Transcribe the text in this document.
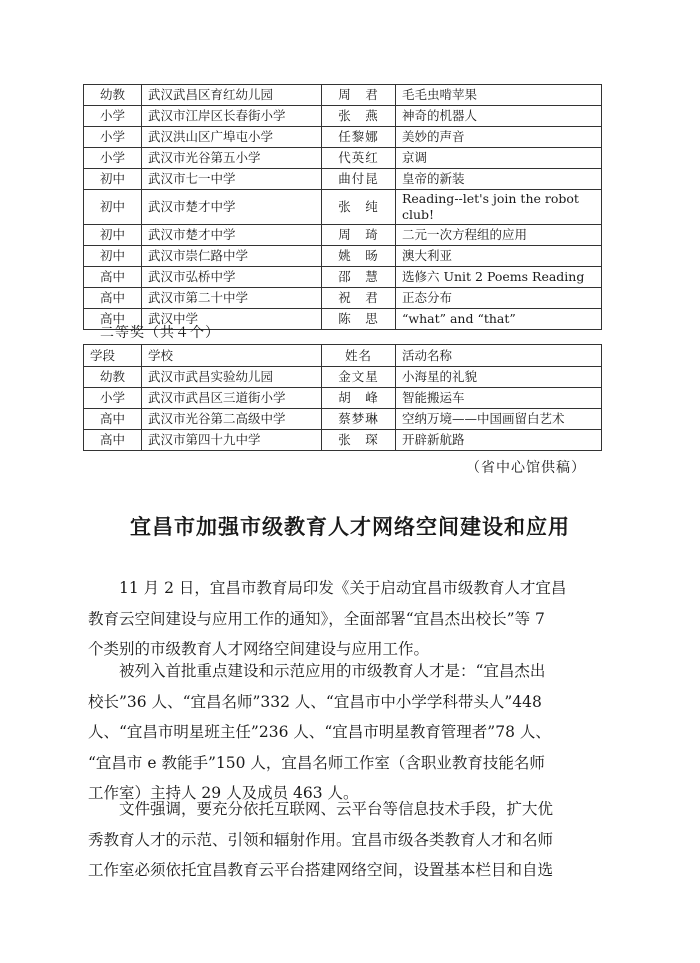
幼教	武汉武昌区育红幼儿园	周　君	毛毛虫啃苹果
小学	武汉市江岸区长春街小学	张　燕	神奇的机器人
小学	武汉洪山区广埠屯小学	任黎娜	美妙的声音
小学	武汉市光谷第五小学	代英红	京调
初中	武汉市七一中学	曲付昆	皇帝的新装
初中	武汉市楚才中学	张　纯	Reading--let's join the robot club!
初中	武汉市楚才中学	周　琦	二元一次方程组的应用
初中	武汉市崇仁路中学	姚　旸	澳大利亚
高中	武汉市弘桥中学	邵　慧	选修六 Unit 2 Poems Reading
高中	武汉市第二十中学	祝　君	正态分布
高中	武汉中学	陈　思	“what” and “that”
二等奖（共４个）
学段	学校	姓名	活动名称
幼教	武汉市武昌实验幼儿园	金文星	小海星的礼貌
小学	武汉市武昌区三道街小学	胡　峰	智能搬运车
高中	武汉市光谷第二高级中学	蔡梦琳	空纳万境——中国画留白艺术
高中	武汉市第四十九中学	张　琛	开辟新航路
（省中心馆供稿）
宜昌市加强市级教育人才网络空间建设和应用

　　11 月 2 日，宜昌市教育局印发《关于启动宜昌市级教育人才宜昌
教育云空间建设与应用工作的通知》，全面部署“宜昌杰出校长”等 7
个类别的市级教育人才网络空间建设与应用工作。

　　被列入首批重点建设和示范应用的市级教育人才是：“宜昌杰出
校长”36 人、“宜昌名师”332 人、“宜昌市中小学学科带头人”448
人、“宜昌市明星班主任”236 人、“宜昌市明星教育管理者”78 人、
“宜昌市 e 教能手”150 人，宜昌名师工作室（含职业教育技能名师
工作室）主持人 29 人及成员 463 人。

　　文件强调，要充分依托互联网、云平台等信息技术手段，扩大优
秀教育人才的示范、引领和辐射作用。宜昌市级各类教育人才和名师
工作室必须依托宜昌教育云平台搭建网络空间，设置基本栏目和自选
